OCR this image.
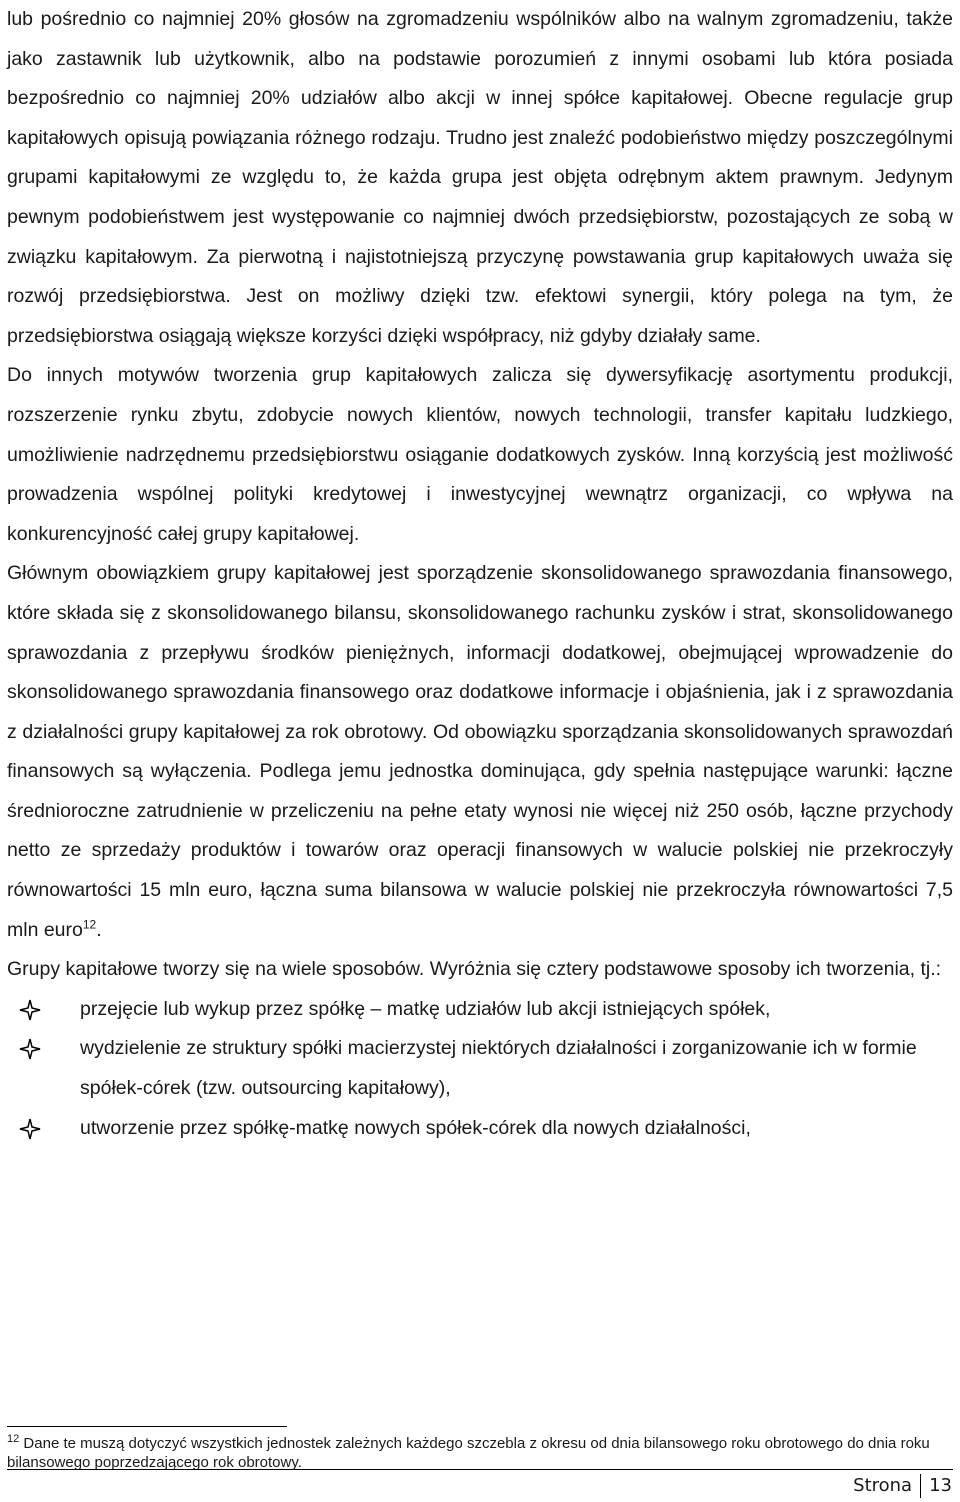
lub pośrednio co najmniej 20% głosów na zgromadzeniu wspólników albo na walnym zgromadzeniu, także jako zastawnik lub użytkownik, albo na podstawie porozumień z innymi osobami lub która posiada bezpośrednio co najmniej 20% udziałów albo akcji w innej spółce kapitałowej. Obecne regulacje grup kapitałowych opisują powiązania różnego rodzaju. Trudno jest znaleźć podobieństwo między poszczególnymi grupami kapitałowymi ze względu to, że każda grupa jest objęta odrębnym aktem prawnym. Jedynym pewnym podobieństwem jest występowanie co najmniej dwóch przedsiębiorstw, pozostających ze sobą w związku kapitałowym. Za pierwotną i najistotniejszą przyczynę powstawania grup kapitałowych uważa się rozwój przedsiębiorstwa. Jest on możliwy dzięki tzw. efektowi synergii, który polega na tym, że przedsiębiorstwa osiągają większe korzyści dzięki współpracy, niż gdyby działały same.

Do innych motywów tworzenia grup kapitałowych zalicza się dywersyfikację asortymentu produkcji, rozszerzenie rynku zbytu, zdobycie nowych klientów, nowych technologii, transfer kapitału ludzkiego, umożliwienie nadrzędnemu przedsiębiorstwu osiąganie dodatkowych zysków. Inną korzyścią jest możliwość prowadzenia wspólnej polityki kredytowej i inwestycyjnej wewnątrz organizacji, co wpływa na konkurencyjność całej grupy kapitałowej.

Głównym obowiązkiem grupy kapitałowej jest sporządzenie skonsolidowanego sprawozdania finansowego, które składa się z skonsolidowanego bilansu, skonsolidowanego rachunku zysków i strat, skonsolidowanego sprawozdania z przepływu środków pieniężnych, informacji dodatkowej, obejmującej wprowadzenie do skonsolidowanego sprawozdania finansowego oraz dodatkowe informacje i objaśnienia, jak i z sprawozdania z działalności grupy kapitałowej za rok obrotowy. Od obowiązku sporządzania skonsolidowanych sprawozdań finansowych są wyłączenia. Podlega jemu jednostka dominująca, gdy spełnia następujące warunki: łączne średnioroczne zatrudnienie w przeliczeniu na pełne etaty wynosi nie więcej niż 250 osób, łączne przychody netto ze sprzedaży produktów i towarów oraz operacji finansowych w walucie polskiej nie przekroczyły równowartości 15 mln euro, łączna suma bilansowa w walucie polskiej nie przekroczyła równowartości 7,5 mln euro$^{12}$.

Grupy kapitałowe tworzy się na wiele sposobów. Wyróżnia się cztery podstawowe sposoby ich tworzenia, tj.:

przejęcie lub wykup przez spółkę – matkę udziałów lub akcji istniejących spółek,
wydzielenie ze struktury spółki macierzystej niektórych działalności i zorganizowanie ich w formie spółek-córek (tzw. outsourcing kapitałowy),
utworzenie przez spółkę-matkę nowych spółek-córek dla nowych działalności,
$^{12}$ Dane te muszą dotyczyć wszystkich jednostek zależnych każdego szczebla z okresu od dnia bilansowego roku obrotowego do dnia roku bilansowego poprzedzającego rok obrotowy.
Strona 13
